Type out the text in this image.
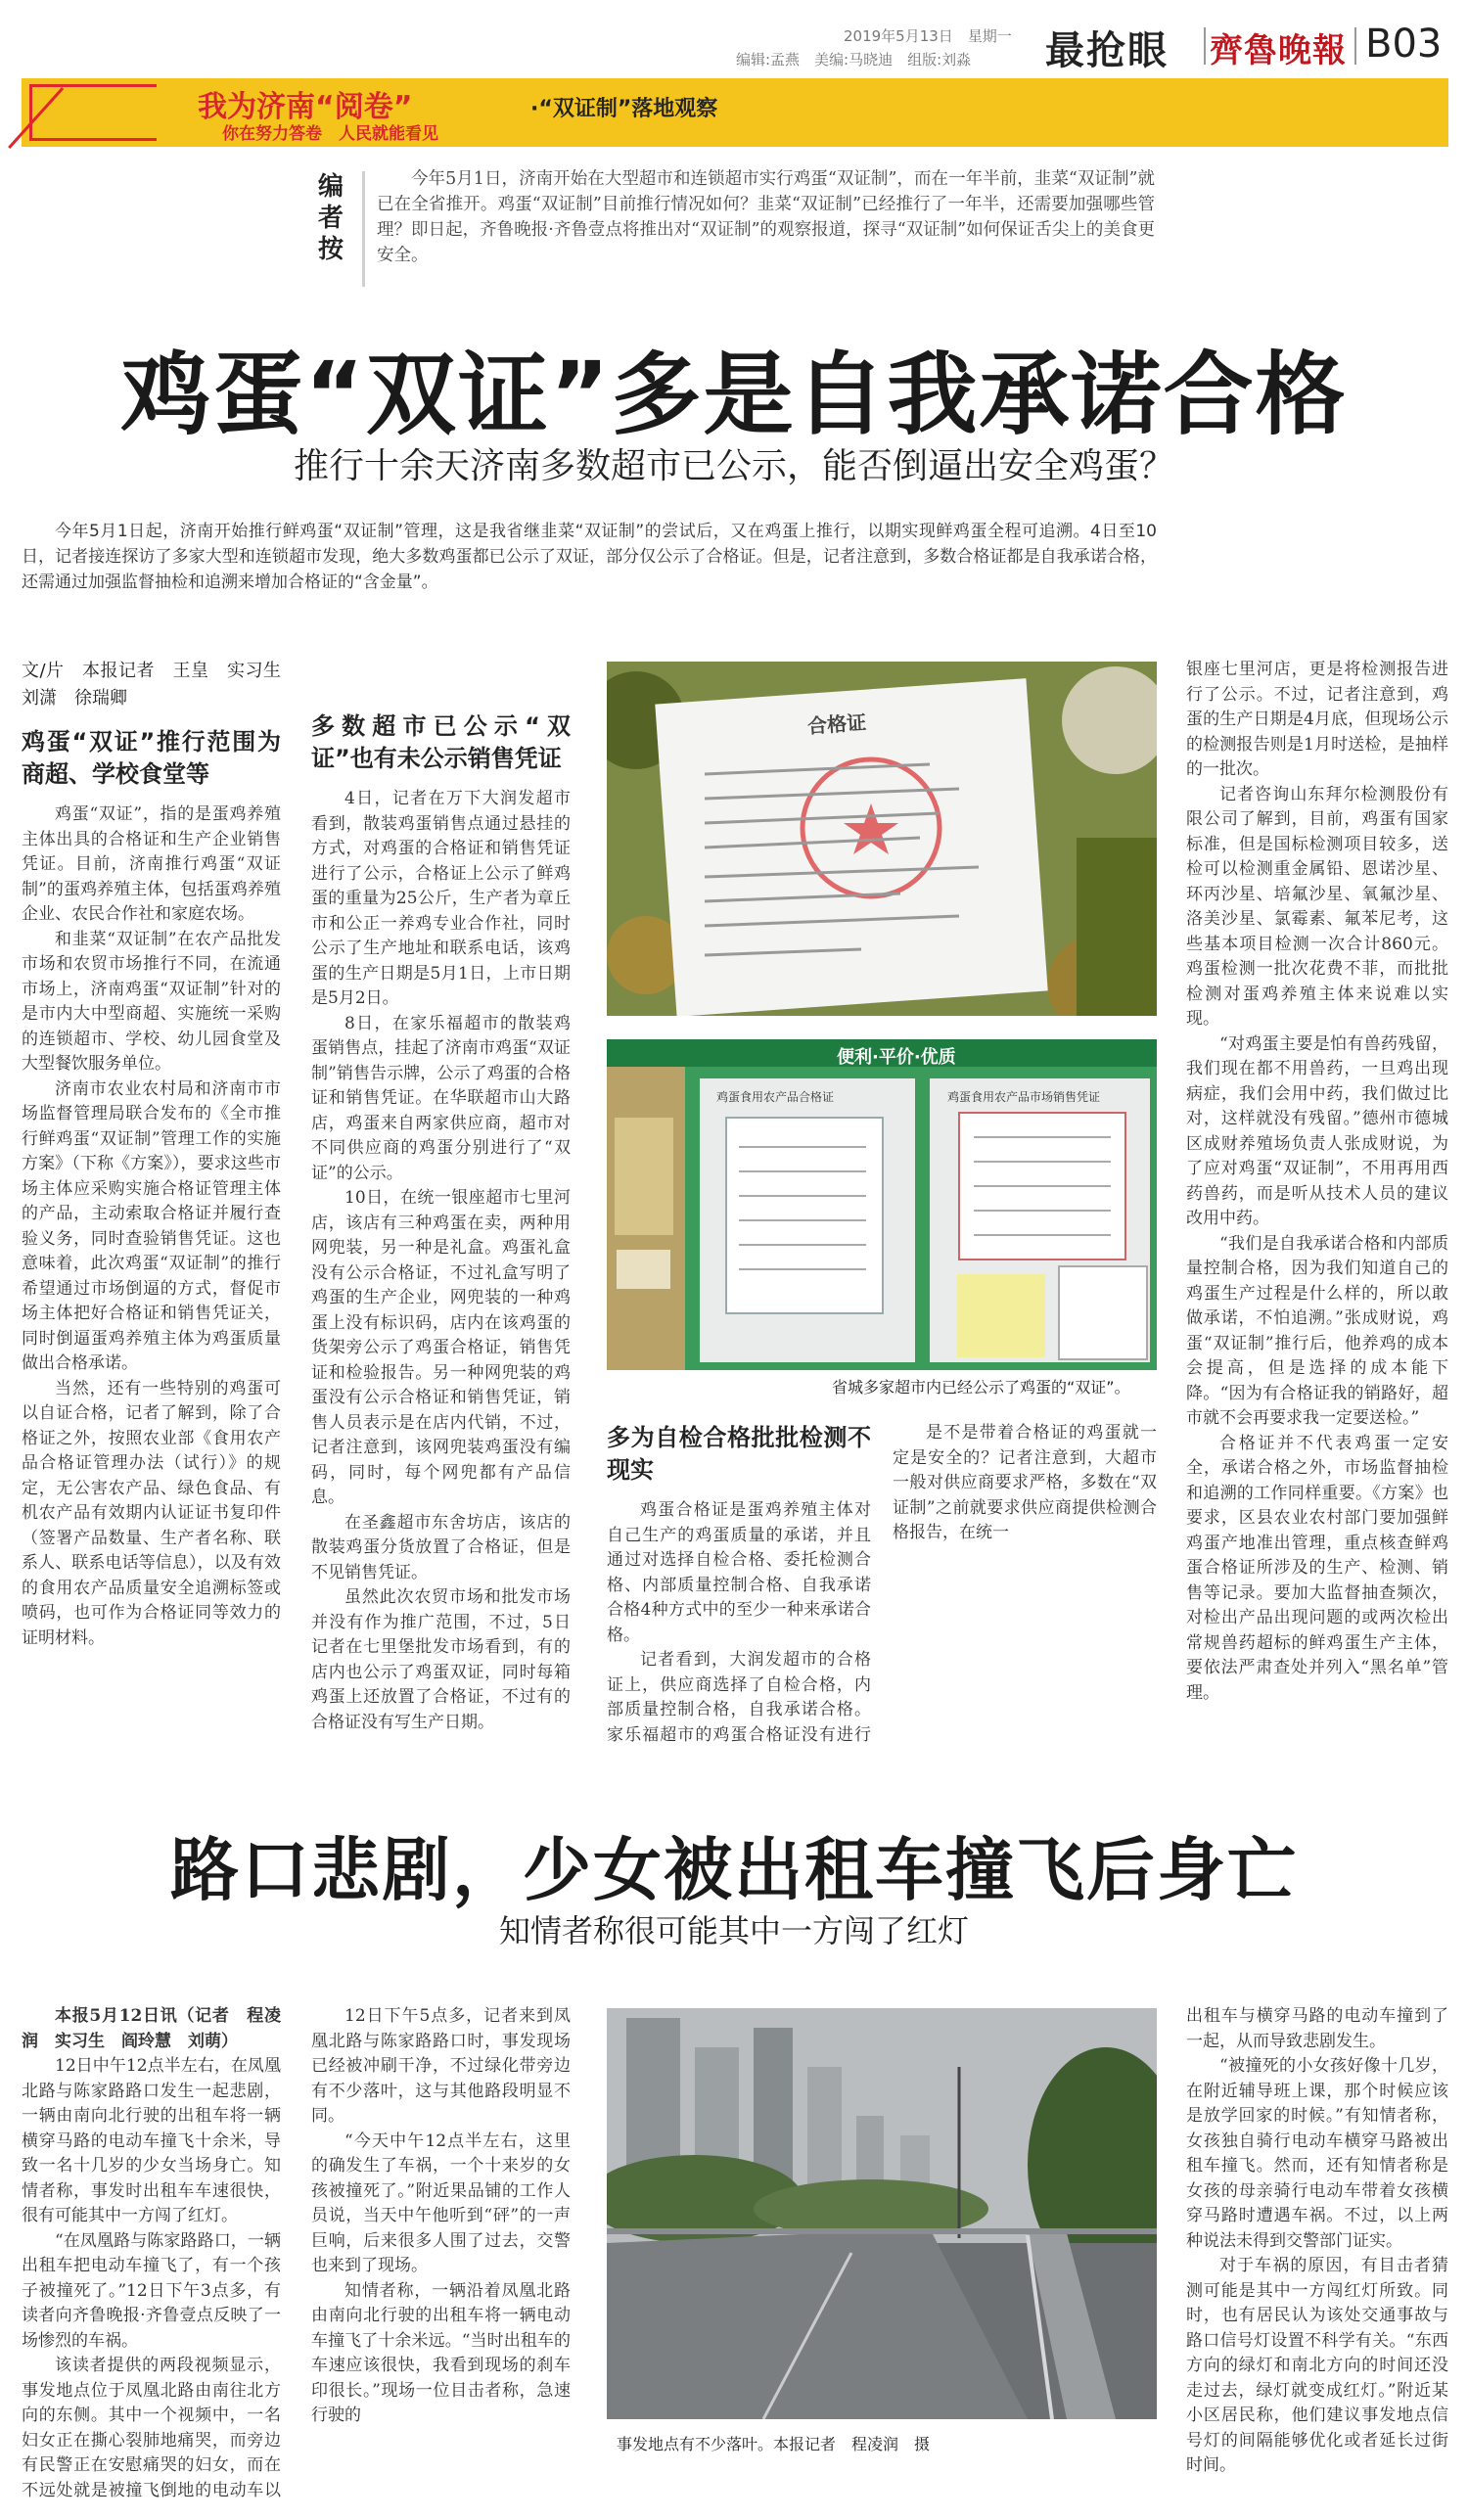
2019年5月13日　星期一
编辑:孟燕　美编:马晓迪　组版:刘淼 最抢眼 齊魯晚報 B03
我为济南“阅卷”	·“双证制”落地观察
你在努力答卷　人民就能看见
编者按
今年5月1日，济南开始在大型超市和连锁超市实行鸡蛋“双证制”，而在一年半前，韭菜“双证制”就已在全省推开。鸡蛋“双证制”目前推行情况如何？韭菜“双证制”已经推行了一年半，还需要加强哪些管理？即日起，齐鲁晚报·齐鲁壹点将推出对“双证制”的观察报道，探寻“双证制”如何保证舌尖上的美食更安全。
鸡蛋“双证”多是自我承诺合格
推行十余天济南多数超市已公示，能否倒逼出安全鸡蛋？
今年5月1日起，济南开始推行鲜鸡蛋“双证制”管理，这是我省继韭菜“双证制”的尝试后，又在鸡蛋上推行，以期实现鲜鸡蛋全程可追溯。4日至10日，记者接连探访了多家大型和连锁超市发现，绝大多数鸡蛋都已公示了双证，部分仅公示了合格证。但是，记者注意到，多数合格证都是自我承诺合格，还需通过加强监督抽检和追溯来增加合格证的“含金量”。

文/片　本报记者　王皇　实习生　刘潇　徐瑞卿

鸡蛋“双证”推行范围为商超、学校食堂等

鸡蛋“双证”，指的是蛋鸡养殖主体出具的合格证和生产企业销售凭证。目前，济南推行鸡蛋“双证制”的蛋鸡养殖主体，包括蛋鸡养殖企业、农民合作社和家庭农场。

和韭菜“双证制”在农产品批发市场和农贸市场推行不同，在流通市场上，济南鸡蛋“双证制”针对的是市内大中型商超、实施统一采购的连锁超市、学校、幼儿园食堂及大型餐饮服务单位。

济南市农业农村局和济南市市场监督管理局联合发布的《全市推行鲜鸡蛋“双证制”管理工作的实施方案》（下称《方案》），要求这些市场主体应采购实施合格证管理主体的产品，主动索取合格证并履行查验义务，同时查验销售凭证。这也意味着，此次鸡蛋“双证制”的推行希望通过市场倒逼的方式，督促市场主体把好合格证和销售凭证关，同时倒逼蛋鸡养殖主体为鸡蛋质量做出合格承诺。

当然，还有一些特别的鸡蛋可以自证合格，记者了解到，除了合格证之外，按照农业部《食用农产品合格证管理办法（试行）》的规定，无公害农产品、绿色食品、有机农产品有效期内认证证书复印件（签署产品数量、生产者名称、联系人、联系电话等信息），以及有效的食用农产品质量安全追溯标签或喷码，也可作为合格证同等效力的证明材料。

多数超市已公示“双证”也有未公示销售凭证

4日，记者在万下大润发超市看到，散装鸡蛋销售点通过悬挂的方式，对鸡蛋的合格证和销售凭证进行了公示，合格证上公示了鲜鸡蛋的重量为25公斤，生产者为章丘市和公正一养鸡专业合作社，同时公示了生产地址和联系电话，该鸡蛋的生产日期是5月1日，上市日期是5月2日。

8日，在家乐福超市的散装鸡蛋销售点，挂起了济南市鸡蛋“双证制”销售告示牌，公示了鸡蛋的合格证和销售凭证。在华联超市山大路店，鸡蛋来自两家供应商，超市对不同供应商的鸡蛋分别进行了“双证”的公示。

10日，在统一银座超市七里河店，该店有三种鸡蛋在卖，两种用网兜装，另一种是礼盒。鸡蛋礼盒没有公示合格证，不过礼盒写明了鸡蛋的生产企业，网兜装的一种鸡蛋上没有标识码，店内在该鸡蛋的货架旁公示了鸡蛋合格证，销售凭证和检验报告。另一种网兜装的鸡蛋没有公示合格证和销售凭证，销售人员表示是在店内代销，不过，记者注意到，该网兜装鸡蛋没有编码，同时，每个网兜都有产品信息。

在圣鑫超市东舍坊店，该店的散装鸡蛋分货放置了合格证，但是不见销售凭证。

虽然此次农贸市场和批发市场并没有作为推广范围，不过，5日记者在七里堡批发市场看到，有的店内也公示了鸡蛋双证，同时每箱鸡蛋上还放置了合格证，不过有的合格证没有写生产日期。

合格证
便利·平价·优质
鸡蛋食用农产品合格证	鸡蛋食用农产品市场销售凭证
省城多家超市内已经公示了鸡蛋的“双证”。

多为自检合格批批检测不现实

鸡蛋合格证是蛋鸡养殖主体对自己生产的鸡蛋质量的承诺，并且通过对选择自检合格、委托检测合格、内部质量控制合格、自我承诺合格4种方式中的至少一种来承诺合格。

记者看到，大润发超市的合格证上，供应商选择了自检合格，内部质量控制合格，自我承诺合格。家乐福超市的鸡蛋合格证没有进行

是不是带着合格证的鸡蛋就一定是安全的？记者注意到，大超市一般对供应商要求严格，多数在“双证制”之前就要求供应商提供检测合格报告，在统一

银座七里河店，更是将检测报告进行了公示。不过，记者注意到，鸡蛋的生产日期是4月底，但现场公示的检测报告则是1月时送检，是抽样的一批次。

记者咨询山东拜尔检测股份有限公司了解到，目前，鸡蛋有国家标准，但是国标检测项目较多，送检可以检测重金属铅、恩诺沙星、环丙沙星、培氟沙星、氧氟沙星、洛美沙星、氯霉素、氟苯尼考，这些基本项目检测一次合计860元。鸡蛋检测一批次花费不菲，而批批检测对蛋鸡养殖主体来说难以实现。

“对鸡蛋主要是怕有兽药残留，我们现在都不用兽药，一旦鸡出现病症，我们会用中药，我们做过比对，这样就没有残留。”德州市德城区成财养殖场负责人张成财说，为了应对鸡蛋“双证制”，不用再用西药兽药，而是听从技术人员的建议改用中药。

“我们是自我承诺合格和内部质量控制合格，因为我们知道自己的鸡蛋生产过程是什么样的，所以敢做承诺，不怕追溯。”张成财说，鸡蛋“双证制”推行后，他养鸡的成本会提高，但是选择的成本能下降。“因为有合格证我的销路好，超市就不会再要求我一定要送检。”

合格证并不代表鸡蛋一定安全，承诺合格之外，市场监督抽检和追溯的工作同样重要。《方案》也要求，区县农业农村部门要加强鲜鸡蛋产地准出管理，重点核查鲜鸡蛋合格证所涉及的生产、检测、销售等记录。要加大监督抽查频次，对检出产品出现问题的或两次检出常规兽药超标的鲜鸡蛋生产主体，要依法严肃查处并列入“黑名单”管理。

路口悲剧，少女被出租车撞飞后身亡
知情者称很可能其中一方闯了红灯

本报5月12日讯（记者　程凌润　实习生　阎玲慧　刘萌）

12日中午12点半左右，在凤凰北路与陈家路路口发生一起悲剧，一辆由南向北行驶的出租车将一辆横穿马路的电动车撞飞十余米，导致一名十几岁的少女当场身亡。知情者称，事发时出租车车速很快，很有可能其中一方闯了红灯。

“在凤凰路与陈家路路口，一辆出租车把电动车撞飞了，有一个孩子被撞死了。”12日下午3点多，有读者向齐鲁晚报·齐鲁壹点反映了一场惨烈的车祸。

该读者提供的两段视频显示，事发地点位于凤凰北路由南往北方向的东侧。其中一个视频中，一名妇女正在撕心裂肺地痛哭，而旁边有民警正在安慰痛哭的妇女，而在不远处就是被撞飞倒地的电动车以

12日下午5点多，记者来到凤凰北路与陈家路路口时，事发现场已经被冲刷干净，不过绿化带旁边有不少落叶，这与其他路段明显不同。

“今天中午12点半左右，这里的确发生了车祸，一个十来岁的女孩被撞死了。”附近果品铺的工作人员说，当天中午他听到“砰”的一声巨响，后来很多人围了过去，交警也来到了现场。

知情者称，一辆沿着凤凰北路由南向北行驶的出租车将一辆电动车撞飞了十余米远。“当时出租车的车速应该很快，我看到现场的刹车印很长。”现场一位目击者称，急速行驶的

事发地点有不少落叶。本报记者　程凌润　摄

出租车与横穿马路的电动车撞到了一起，从而导致悲剧发生。

“被撞死的小女孩好像十几岁，在附近辅导班上课，那个时候应该是放学回家的时候。”有知情者称，女孩独自骑行电动车横穿马路被出租车撞飞。然而，还有知情者称是女孩的母亲骑行电动车带着女孩横穿马路时遭遇车祸。不过，以上两种说法未得到交警部门证实。

对于车祸的原因，有目击者猜测可能是其中一方闯红灯所致。同时，也有居民认为该处交通事故与路口信号灯设置不科学有关。“东西方向的绿灯和南北方向的时间还没走过去，绿灯就变成红灯。”附近某小区居民称，他们建议事发地点信号灯的间隔能够优化或者延长过街时间。
